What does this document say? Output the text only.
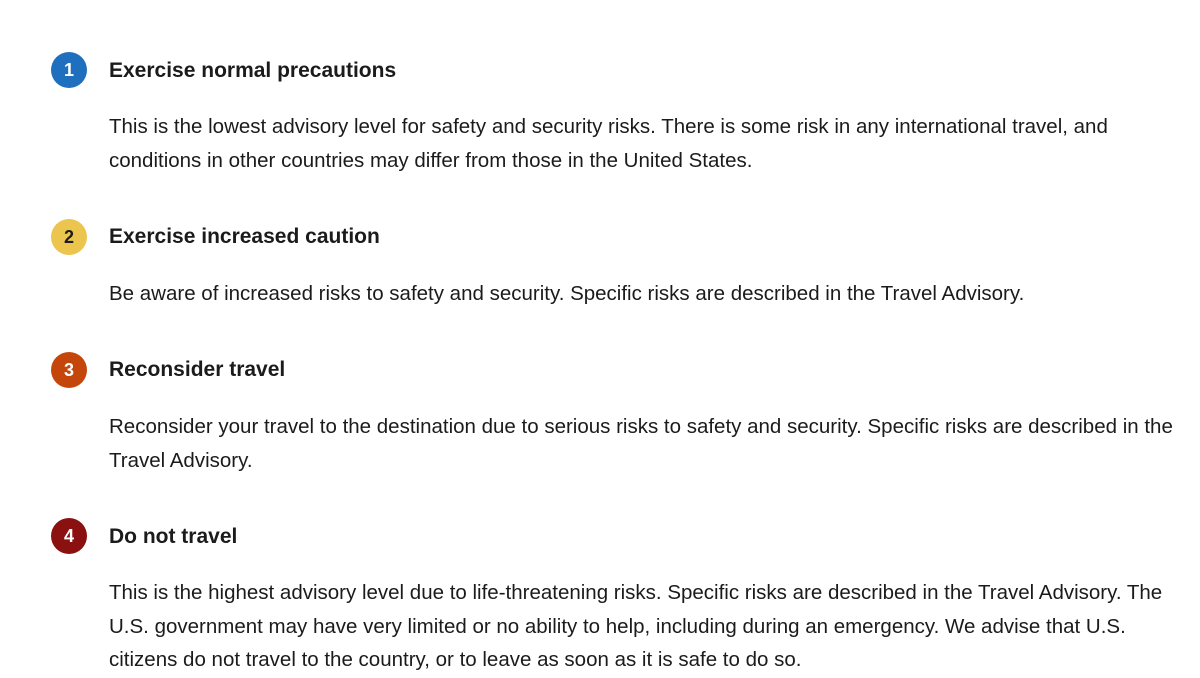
1 Exercise normal precautions

This is the lowest advisory level for safety and security risks. There is some risk in any international travel, and conditions in other countries may differ from those in the United States.

2 Exercise increased caution

Be aware of increased risks to safety and security. Specific risks are described in the Travel Advisory.

3 Reconsider travel

Reconsider your travel to the destination due to serious risks to safety and security. Specific risks are described in the Travel Advisory.

4 Do not travel

This is the highest advisory level due to life-threatening risks. Specific risks are described in the Travel Advisory. The U.S. government may have very limited or no ability to help, including during an emergency. We advise that U.S. citizens do not travel to the country, or to leave as soon as it is safe to do so.
